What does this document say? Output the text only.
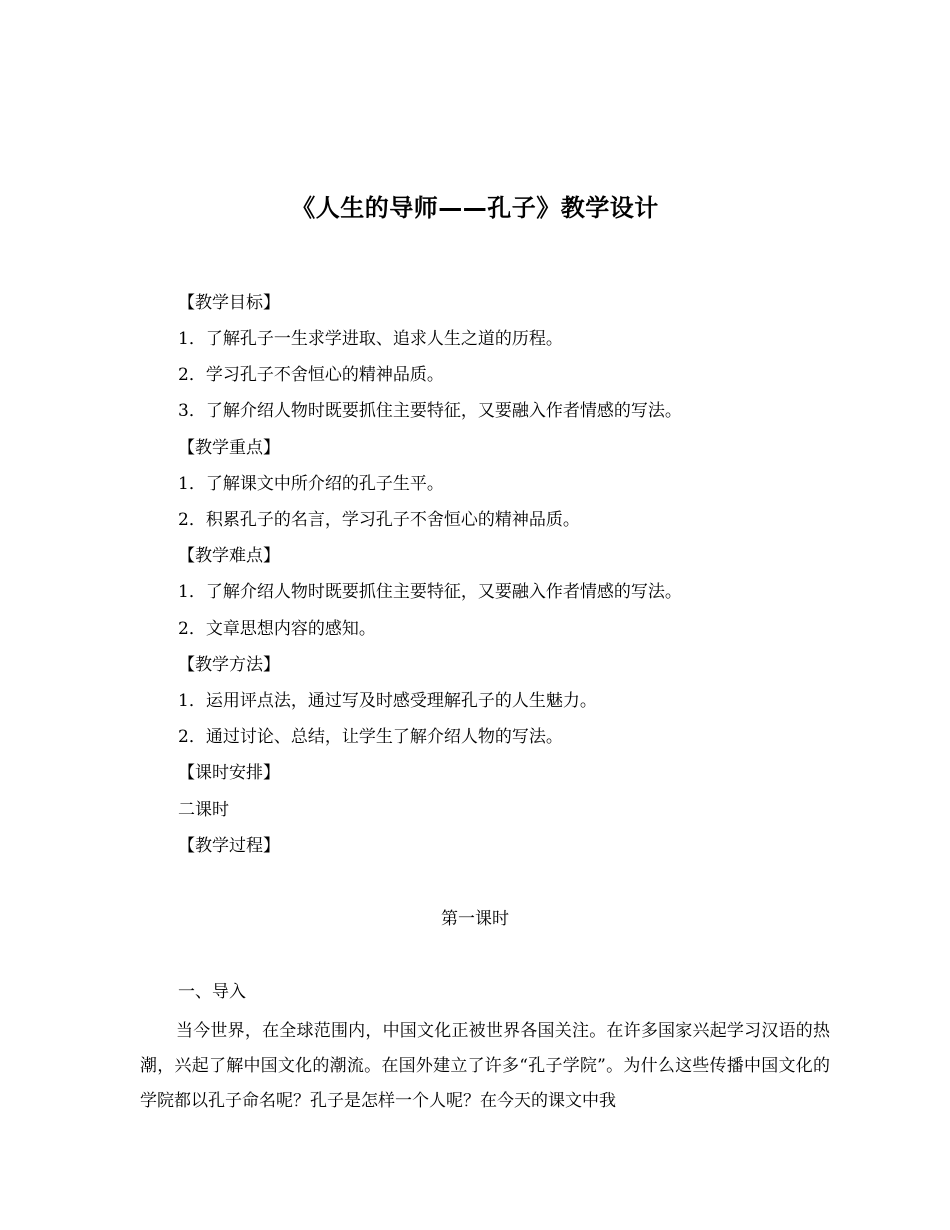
《人生的导师——孔子》教学设计
【教学目标】
1．了解孔子一生求学进取、追求人生之道的历程。
2．学习孔子不舍恒心的精神品质。
3．了解介绍人物时既要抓住主要特征，又要融入作者情感的写法。
【教学重点】
1．了解课文中所介绍的孔子生平。
2．积累孔子的名言，学习孔子不舍恒心的精神品质。
【教学难点】
1．了解介绍人物时既要抓住主要特征，又要融入作者情感的写法。
2．文章思想内容的感知。
【教学方法】
1．运用评点法，通过写及时感受理解孔子的人生魅力。
2．通过讨论、总结，让学生了解介绍人物的写法。
【课时安排】
二课时
【教学过程】
第一课时
一、导入
当今世界，在全球范围内，中国文化正被世界各国关注。在许多国家兴起学习汉语的热潮，兴起了解中国文化的潮流。在国外建立了许多“孔子学院”。为什么这些传播中国文化的学院都以孔子命名呢？孔子是怎样一个人呢？在今天的课文中我
